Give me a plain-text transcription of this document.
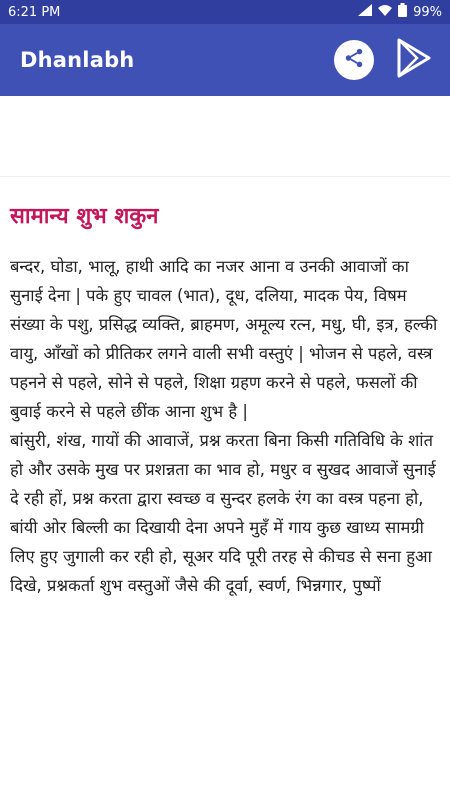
6:21 PM	99%
Dhanlabh
सामान्य शुभ शकुन

बन्दर, घोडा, भालू, हाथी आदि का नजर आना व उनकी आवाजों का सुनाई देना | पके हुए चावल (भात), दूध, दलिया, मादक पेय, विषम संख्या के पशु, प्रसिद्ध व्यक्ति, ब्राहमण, अमूल्य रत्न, मधु, घी, इत्र, हल्की वायु, आँखों को प्रीतिकर लगने वाली सभी वस्तुएं | भोजन से पहले, वस्त्र पहनने से पहले, सोने से पहले, शिक्षा ग्रहण करने से पहले, फसलों की बुवाई करने से पहले छींक आना शुभ है |
बांसुरी, शंख, गायों की आवाजें, प्रश्न करता बिना किसी गतिविधि के शांत हो और उसके मुख पर प्रशन्नता का भाव हो, मधुर व सुखद आवाजें सुनाई दे रही हों, प्रश्न करता द्वारा स्वच्छ व सुन्दर हलके रंग का वस्त्र पहना हो, बांयी ओर बिल्ली का दिखायी देना अपने मुहँ में गाय कुछ खाध्य सामग्री लिए हुए जुगाली कर रही हो, सूअर यदि पूरी तरह से कीचड से सना हुआ दिखे, प्रश्नकर्ता शुभ वस्तुओं जैसे की दूर्वा, स्वर्ण, भिन्नगार, पुष्पों
